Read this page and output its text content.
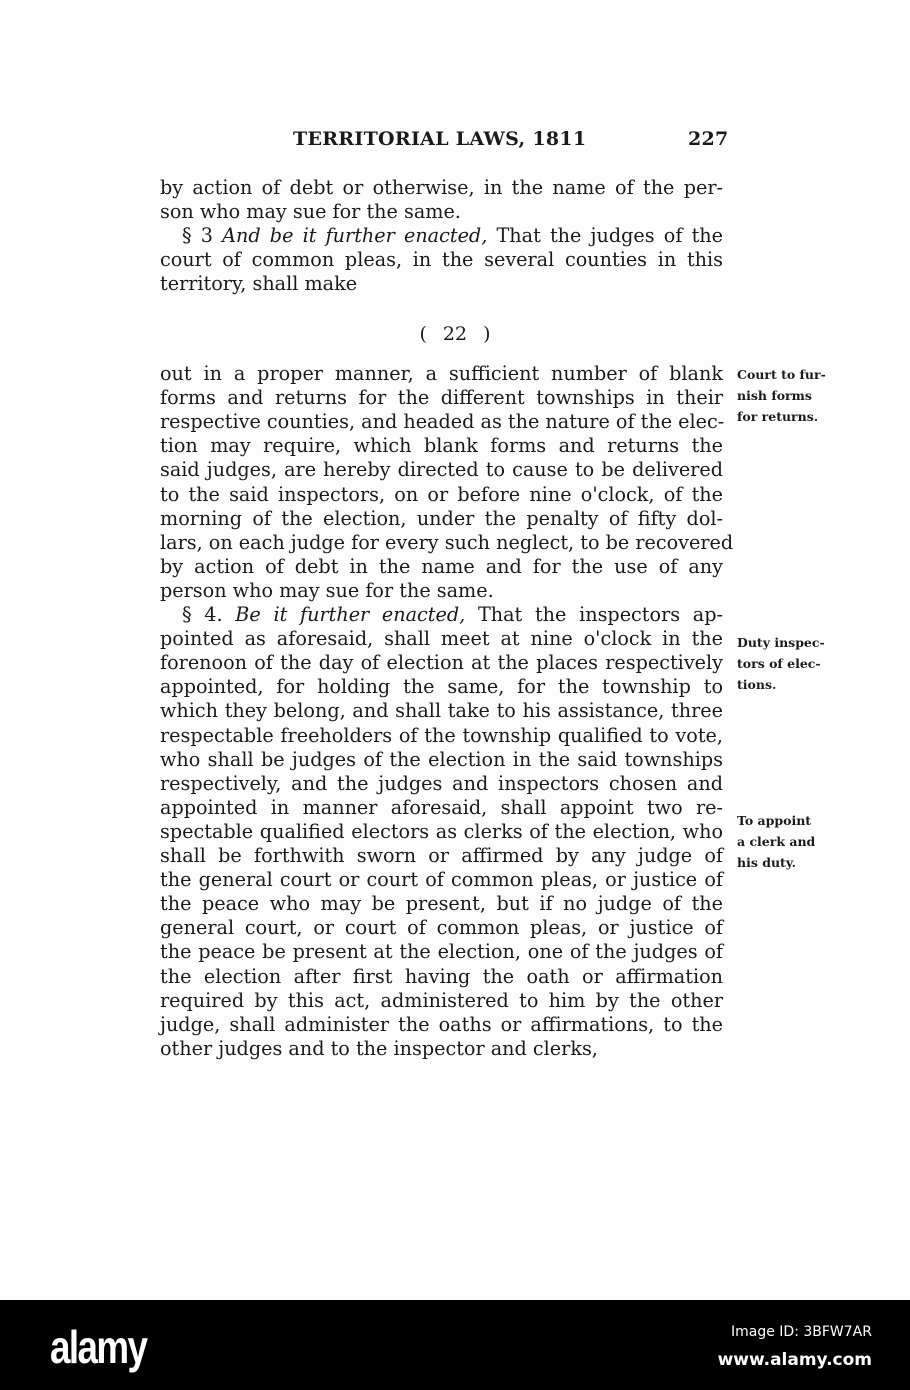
TERRITORIAL LAWS, 1811	227
by action of debt or otherwise, in the name of the per-
son who may sue for the same.
§ 3 And be it further enacted, That the judges of the
court of common pleas, in the several counties in this
territory, shall make
( 22 )
out in a proper manner, a sufficient number of blank
forms and returns for the different townships in their
respective counties, and headed as the nature of the elec-
tion may require, which blank forms and returns the
said judges, are hereby directed to cause to be delivered
to the said inspectors, on or before nine o'clock, of the
morning of the election, under the penalty of fifty dol-
lars, on each judge for every such neglect, to be recovered
by action of debt in the name and for the use of any
person who may sue for the same.
§ 4. Be it further enacted, That the inspectors ap-
pointed as aforesaid, shall meet at nine o'clock in the
forenoon of the day of election at the places respectively
appointed, for holding the same, for the township to
which they belong, and shall take to his assistance, three
respectable freeholders of the township qualified to vote,
who shall be judges of the election in the said townships
respectively, and the judges and inspectors chosen and
appointed in manner aforesaid, shall appoint two re-
spectable qualified electors as clerks of the election, who
shall be forthwith sworn or affirmed by any judge of
the general court or court of common pleas, or justice of
the peace who may be present, but if no judge of the
general court, or court of common pleas, or justice of
the peace be present at the election, one of the judges of
the election after first having the oath or affirmation
required by this act, administered to him by the other
judge, shall administer the oaths or affirmations, to the
other judges and to the inspector and clerks,
Court to fur-
nish forms
for returns.
Duty inspec-
tors of elec-
tions.
To appoint
a clerk and
his duty.
alamy	Image ID: 3BFW7AR
www.alamy.com
